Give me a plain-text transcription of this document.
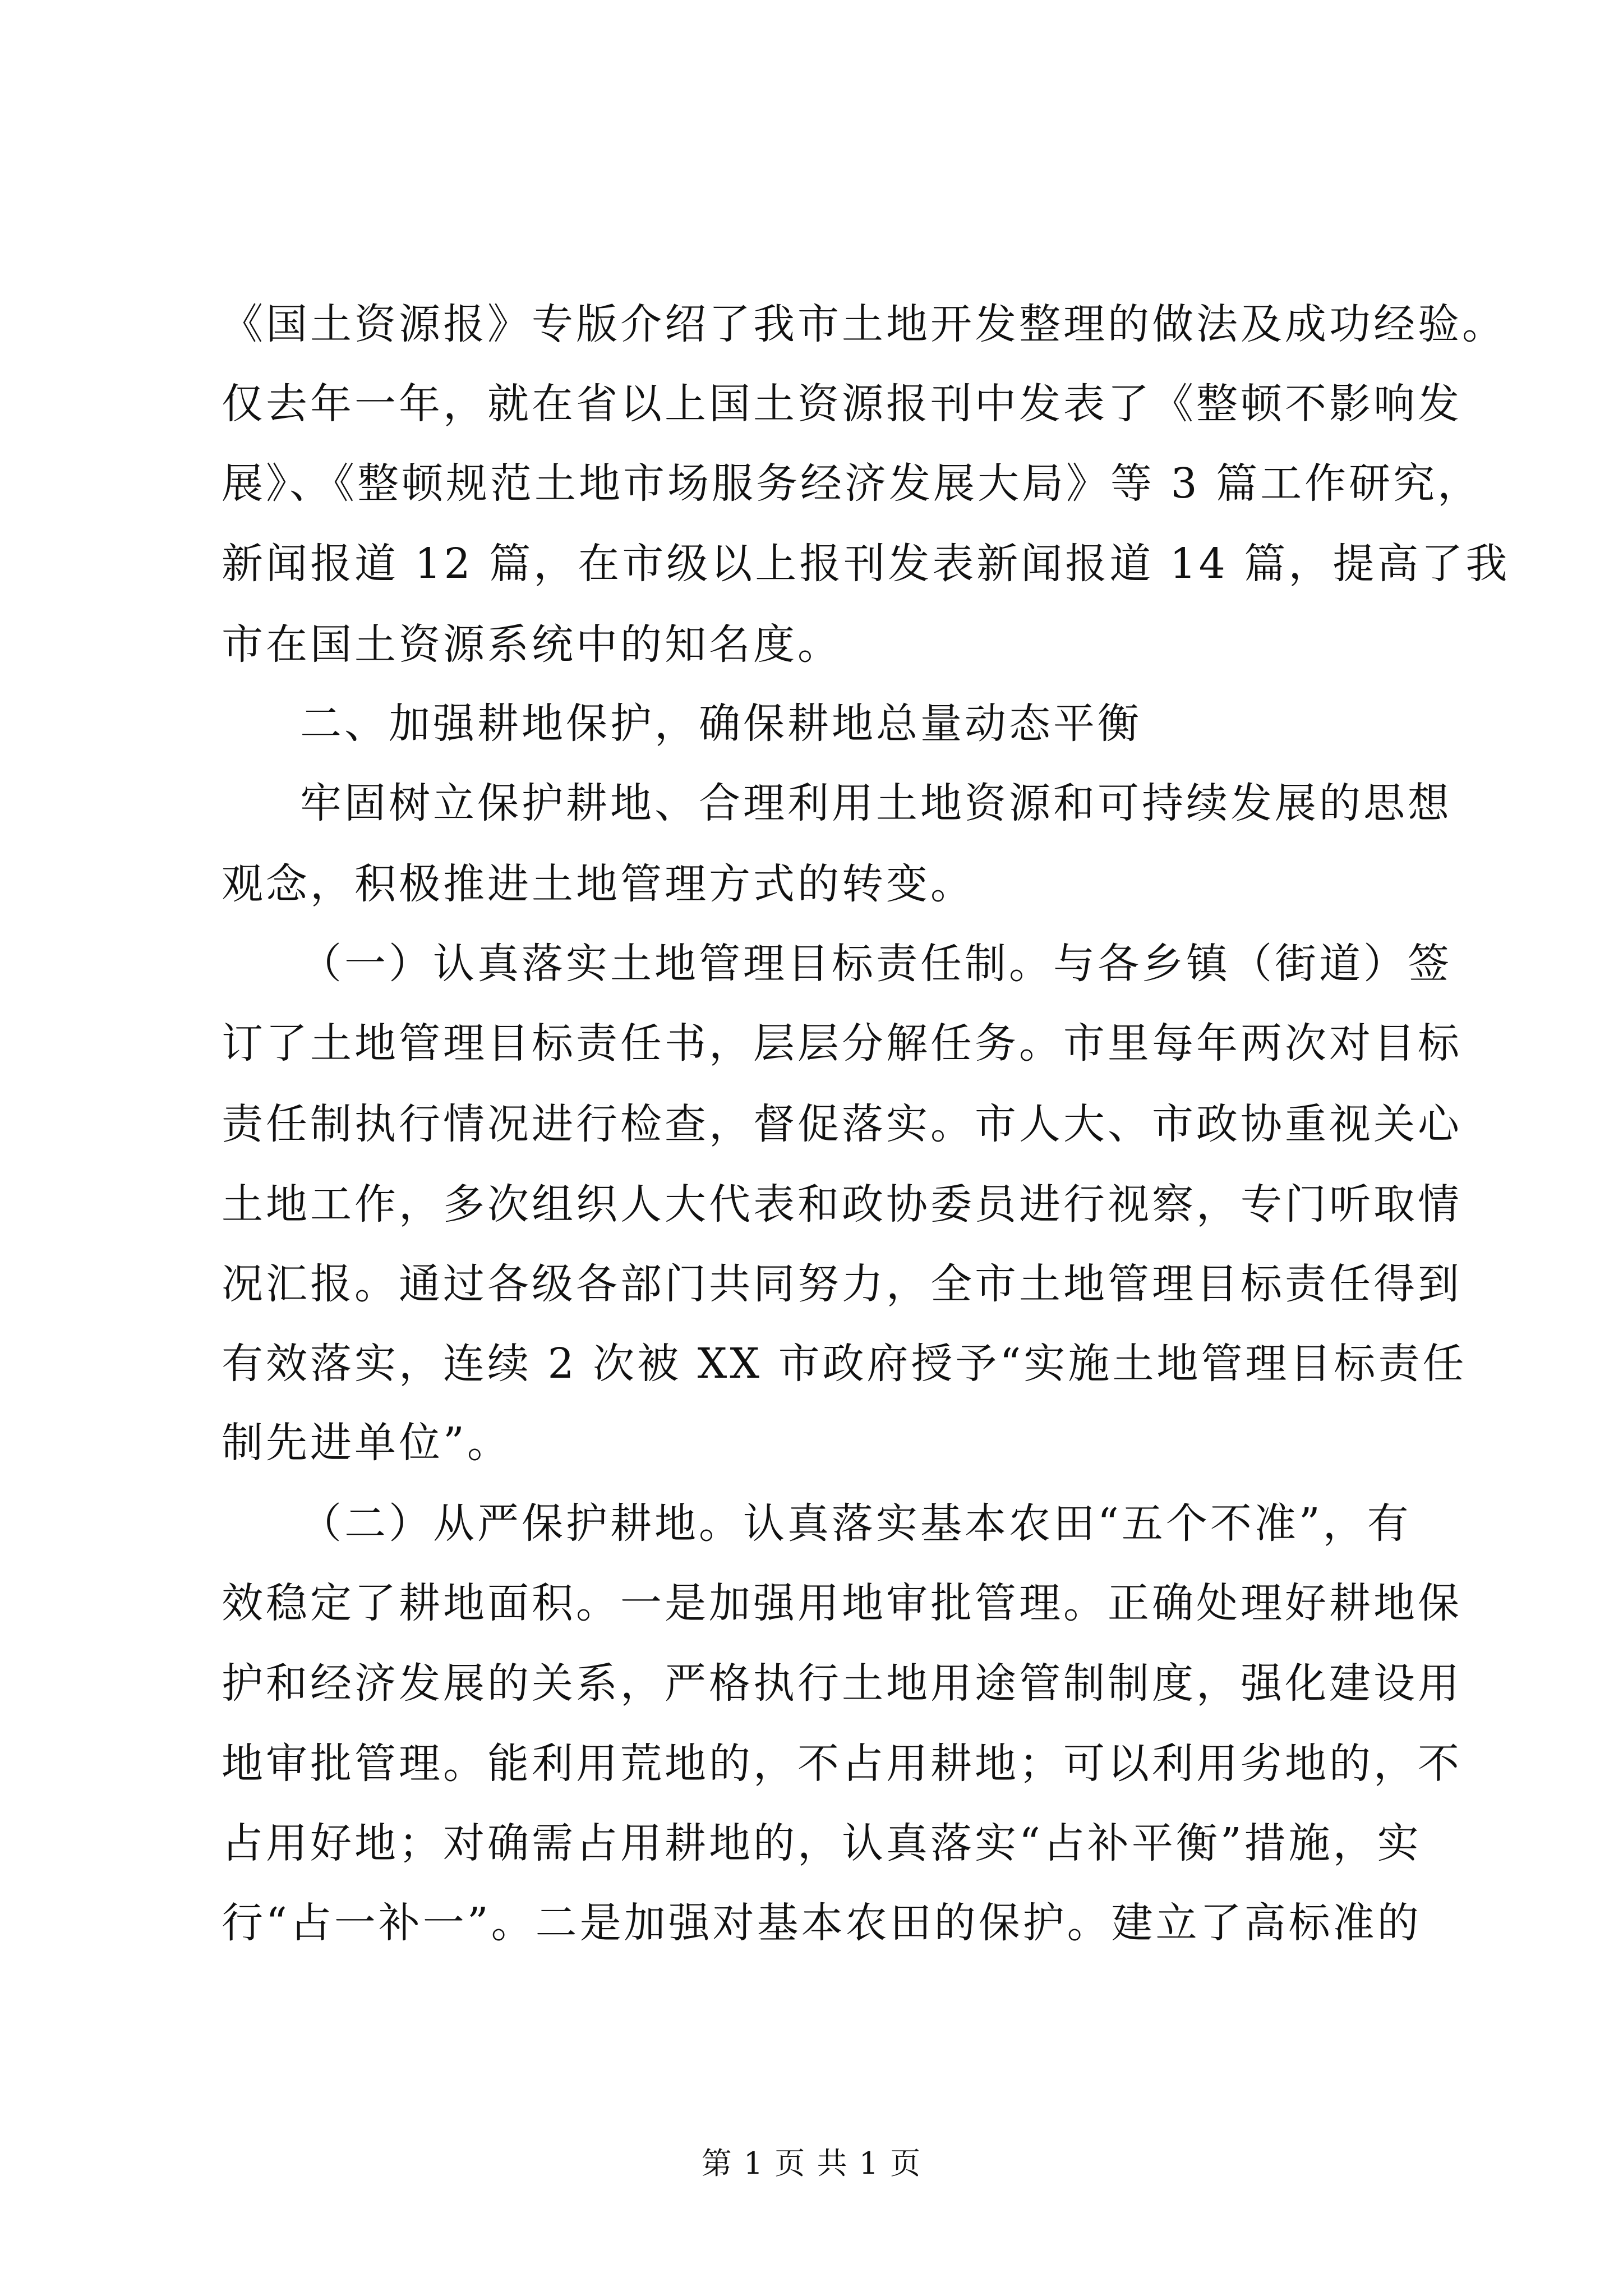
《国土资源报》专版介绍了我市土地开发整理的做法及成功经验。
仅去年一年，就在省以上国土资源报刊中发表了《整顿不影响发
展》、《整顿规范土地市场服务经济发展大局》等 3 篇工作研究，
新闻报道 12 篇，在市级以上报刊发表新闻报道 14 篇，提高了我
市在国土资源系统中的知名度。
二、加强耕地保护，确保耕地总量动态平衡
牢固树立保护耕地、合理利用土地资源和可持续发展的思想
观念，积极推进土地管理方式的转变。
（一）认真落实土地管理目标责任制。与各乡镇（街道）签
订了土地管理目标责任书，层层分解任务。市里每年两次对目标
责任制执行情况进行检查，督促落实。市人大、市政协重视关心
土地工作，多次组织人大代表和政协委员进行视察，专门听取情
况汇报。通过各级各部门共同努力，全市土地管理目标责任得到
有效落实，连续 2 次被 XX 市政府授予“实施土地管理目标责任
制先进单位”。
（二）从严保护耕地。认真落实基本农田“五个不准”，有
效稳定了耕地面积。一是加强用地审批管理。正确处理好耕地保
护和经济发展的关系，严格执行土地用途管制制度，强化建设用
地审批管理。能利用荒地的，不占用耕地；可以利用劣地的，不
占用好地；对确需占用耕地的，认真落实“占补平衡”措施，实
行“占一补一”。二是加强对基本农田的保护。建立了高标准的
第 1 页 共 1 页
